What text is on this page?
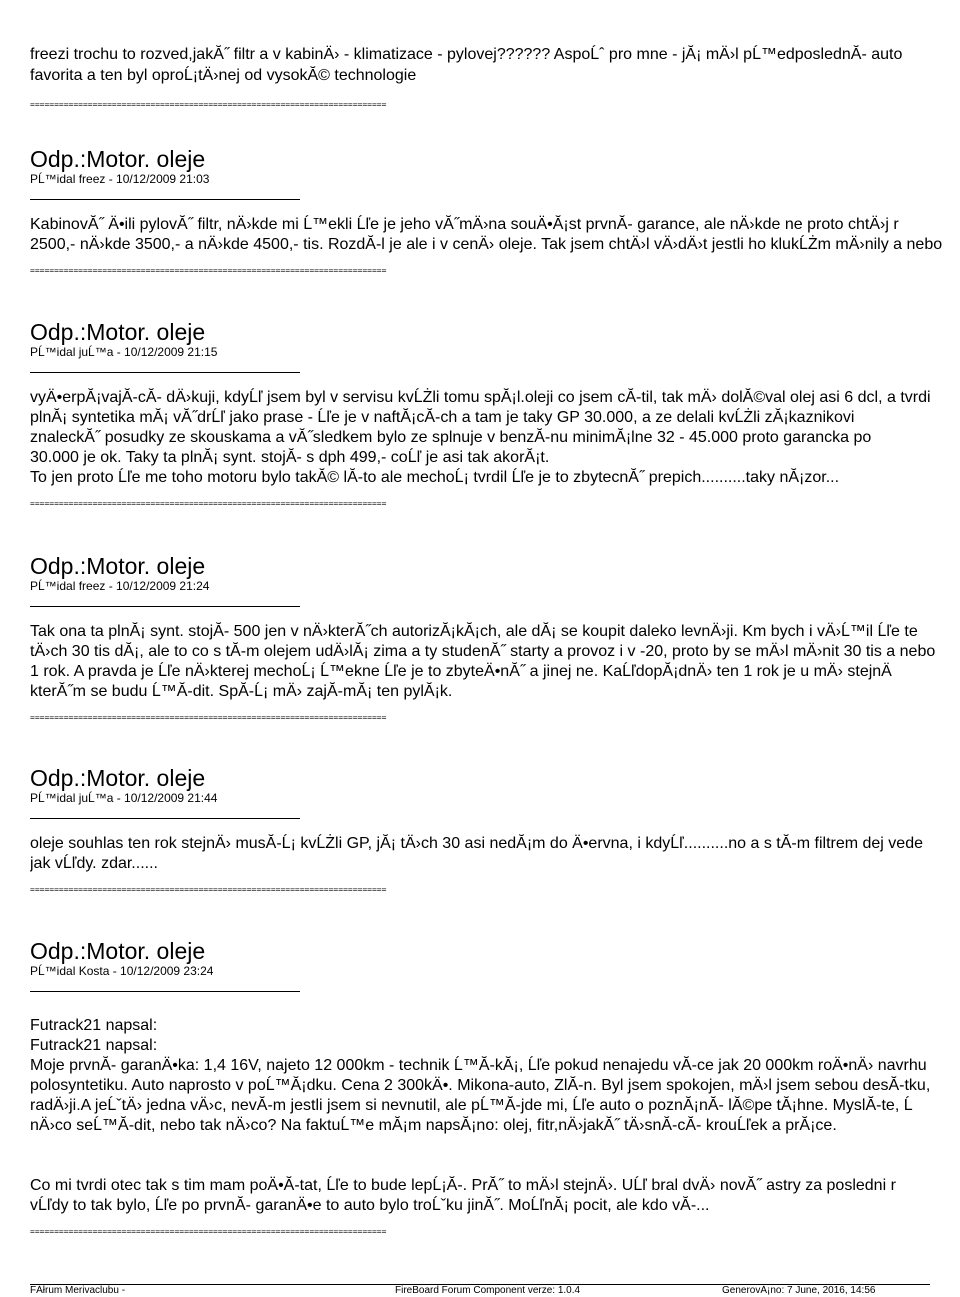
freezi trochu to rozved,jakĂ˝ filtr a v kabinÄ› - klimatizace - pylovej?????? AspoĹˆ pro mne - jĂ¡ mÄ›l pĹ™edposlednĂ- auto
favorita a ten byl oproĹ¡tÄ›nej od vysokĂ© technologie
==========================================================================
Odp.:Motor. oleje
PĹ™idal freez - 10/12/2009 21:03
KabinovĂ˝ Ä•ili pylovĂ˝ filtr, nÄ›kde mi Ĺ™ekli Ĺľe je jeho vĂ˝mÄ›na souÄ•Ă¡st prvnĂ- garance, ale nÄ›kde ne proto chtÄ›j r
2500,- nÄ›kde 3500,- a nÄ›kde 4500,- tis. RozdĂ-l je ale i v cenÄ› oleje. Tak jsem chtÄ›l vÄ›dÄ›t jestli ho klukĹŻm mÄ›nily a nebo
==========================================================================
Odp.:Motor. oleje
PĹ™idal juĹ™a - 10/12/2009 21:15
vyÄ•erpĂ¡vajĂ-cĂ- dÄ›kuji, kdyĹľ jsem byl v servisu kvĹŻli tomu spĂ¡l.oleji co jsem cĂ-til, tak mÄ› dolĂ©val olej asi 6 dcl, a tvrdi
plnĂ¡ syntetika mĂ¡ vĂ˝drĹľ jako prase - Ĺľe je v naftĂ¡cĂ-ch a tam je taky GP 30.000, a ze delali kvĹŻli zĂ¡kaznikovi
znaleckĂ˝ posudky ze skouskama a vĂ˝sledkem bylo ze splnuje v benzĂ-nu minimĂ¡lne 32 - 45.000 proto garancka po
30.000 je ok. Taky ta plnĂ¡ synt. stojĂ- s dph 499,- coĹľ je asi tak akorĂ¡t.
To jen proto Ĺľe me toho motoru bylo takĂ© lĂ-to ale mechoĹ¡ tvrdil Ĺľe je to zbytecnĂ˝ prepich..........taky nĂ¡zor...
==========================================================================
Odp.:Motor. oleje
PĹ™idal freez - 10/12/2009 21:24
Tak ona ta plnĂ¡ synt. stojĂ- 500 jen v nÄ›kterĂ˝ch autorizĂ¡kĂ¡ch, ale dĂ¡ se koupit daleko levnÄ›ji. Km bych i vÄ›Ĺ™il Ĺľe te
tÄ›ch 30 tis dĂ¡, ale to co s tĂ-m olejem udÄ›lĂ¡ zima a ty studenĂ˝ starty a provoz i v -20, proto by se mÄ›l mÄ›nit 30 tis a nebo
1 rok. A pravda je Ĺľe nÄ›kterej mechoĹ¡ Ĺ™ekne Ĺľe je to zbyteÄ•nĂ˝ a jinej ne. KaĹľdopĂ¡dnÄ› ten 1 rok je u mÄ› stejnÄ
kterĂ˝m se budu Ĺ™Ă-dit. SpĂ-Ĺ¡ mÄ› zajĂ-mĂ¡ ten pylĂ¡k.
==========================================================================
Odp.:Motor. oleje
PĹ™idal juĹ™a - 10/12/2009 21:44
oleje souhlas ten rok stejnÄ› musĂ-Ĺ¡ kvĹŻli GP, jĂ¡ tÄ›ch 30 asi nedĂ¡m do Ä•ervna, i kdyĹľ..........no a s tĂ-m filtrem dej vede
jak vĹľdy. zdar......
==========================================================================
Odp.:Motor. oleje
PĹ™idal Kosta - 10/12/2009 23:24
Futrack21 napsal:
Futrack21 napsal:
Moje prvnĂ- garanÄ•ka: 1,4 16V, najeto 12 000km - technik Ĺ™Ă-kĂ¡, Ĺľe pokud nenajedu vĂ-ce jak 20 000km roÄ•nÄ› navrhu
polosyntetiku. Auto naprosto v poĹ™Ă¡dku. Cena 2 300kÄ•. Mikona-auto, ZlĂ-n. Byl jsem spokojen, mÄ›l jsem sebou desĂ-tku,
radÄ›ji.A jeĹˇtÄ› jedna vÄ›c, nevĂ-m jestli jsem si nevnutil, ale pĹ™Ă-jde mi, Ĺľe auto o poznĂ¡nĂ- lĂ©pe tĂ¡hne. MyslĂ-te, Ĺ
nÄ›co seĹ™Ă-dit, nebo tak nÄ›co? Na faktuĹ™e mĂ¡m napsĂ¡no: olej, fitr,nÄ›jakĂ˝ tÄ›snĂ-cĂ- krouĹľek a prĂ¡ce.
Co mi tvrdi otec tak s tim mam poÄ•Ă-tat, Ĺľe to bude lepĹ¡Ă-. PrĂ˝ to mÄ›l stejnÄ›. UĹľ bral dvÄ› novĂ˝ astry za posledni r
vĹľdy to tak bylo, Ĺľe po prvnĂ- garanÄ•e to auto bylo troĹˇku jinĂ˝. MoĹľnĂ¡ pocit, ale kdo vĂ-...
==========================================================================
FĂłrum Merivaclubu -	FireBoard Forum Component verze: 1.0.4	GenerovĂ¡no: 7 June, 2016, 14:56
